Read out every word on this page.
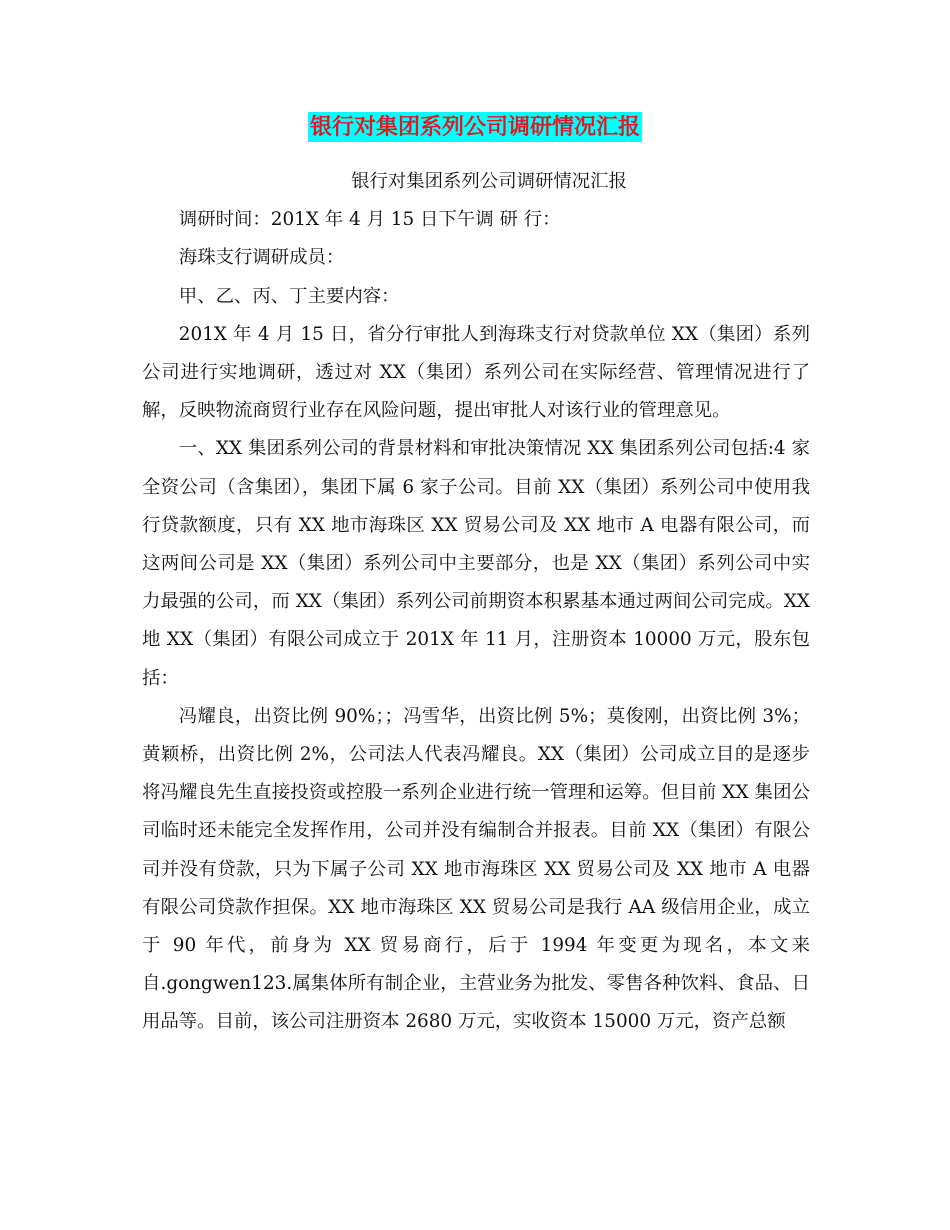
银行对集团系列公司调研情况汇报

银行对集团系列公司调研情况汇报

调研时间：201X 年 4 月 15 日下午调 研 行：

海珠支行调研成员：

甲、乙、丙、丁主要内容：

201X 年 4 月 15 日，省分行审批人到海珠支行对贷款单位 XX（集团）系列公司进行实地调研，透过对 XX（集团）系列公司在实际经营、管理情况进行了解，反映物流商贸行业存在风险问题，提出审批人对该行业的管理意见。

一、XX 集团系列公司的背景材料和审批决策情况 XX 集团系列公司包括:4 家全资公司（含集团），集团下属 6 家子公司。目前 XX（集团）系列公司中使用我行贷款额度，只有 XX 地市海珠区 XX 贸易公司及 XX 地市 A 电器有限公司，而这两间公司是 XX（集团）系列公司中主要部分，也是 XX（集团）系列公司中实力最强的公司，而 XX（集团）系列公司前期资本积累基本通过两间公司完成。XX 地 XX（集团）有限公司成立于 201X 年 11 月，注册资本 10000 万元，股东包括：

冯耀良，出资比例 90%；；冯雪华，出资比例 5%；莫俊刚，出资比例 3%；黄颖桥，出资比例 2%，公司法人代表冯耀良。XX（集团）公司成立目的是逐步将冯耀良先生直接投资或控股一系列企业进行统一管理和运筹。但目前 XX 集团公司临时还未能完全发挥作用，公司并没有编制合并报表。目前 XX（集团）有限公司并没有贷款，只为下属子公司 XX 地市海珠区 XX 贸易公司及 XX 地市 A 电器有限公司贷款作担保。XX 地市海珠区 XX 贸易公司是我行 AA 级信用企业，成立于 90 年代，前身为 XX 贸易商行，后于 1994 年变更为现名，本文来自.gongwen123.属集体所有制企业，主营业务为批发、零售各种饮料、食品、日用品等。目前，该公司注册资本 2680 万元，实收资本 15000 万元，资产总额
